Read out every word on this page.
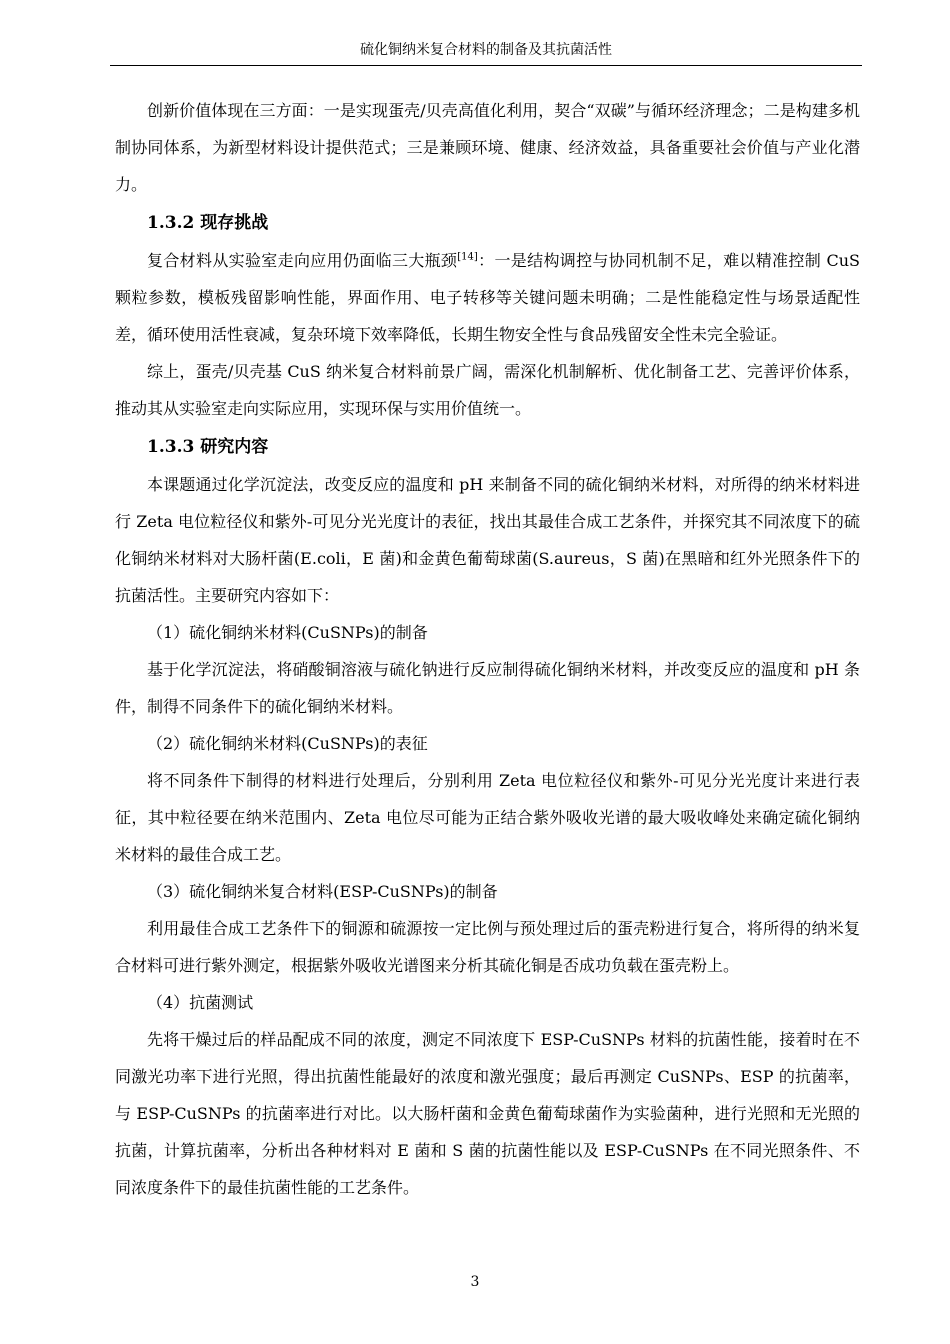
硫化铜纳米复合材料的制备及其抗菌活性

创新价值体现在三方面：一是实现蛋壳/贝壳高值化利用，契合“双碳”与循环经济理念；二是构建多机制协同体系，为新型材料设计提供范式；三是兼顾环境、健康、经济效益，具备重要社会价值与产业化潜力。

1.3.2 现存挑战

复合材料从实验室走向应用仍面临三大瓶颈[14]：一是结构调控与协同机制不足，难以精准控制 CuS 颗粒参数，模板残留影响性能，界面作用、电子转移等关键问题未明确；二是性能稳定性与场景适配性差，循环使用活性衰减，复杂环境下效率降低，长期生物安全性与食品残留安全性未完全验证。

综上，蛋壳/贝壳基 CuS 纳米复合材料前景广阔，需深化机制解析、优化制备工艺、完善评价体系，推动其从实验室走向实际应用，实现环保与实用价值统一。

1.3.3 研究内容

本课题通过化学沉淀法，改变反应的温度和 pH 来制备不同的硫化铜纳米材料，对所得的纳米材料进行 Zeta 电位粒径仪和紫外-可见分光光度计的表征，找出其最佳合成工艺条件，并探究其不同浓度下的硫化铜纳米材料对大肠杆菌(E.coli，E 菌)和金黄色葡萄球菌(S.aureus，S 菌)在黑暗和红外光照条件下的抗菌活性。主要研究内容如下：

（1）硫化铜纳米材料(CuSNPs)的制备

基于化学沉淀法，将硝酸铜溶液与硫化钠进行反应制得硫化铜纳米材料，并改变反应的温度和 pH 条件，制得不同条件下的硫化铜纳米材料。

（2）硫化铜纳米材料(CuSNPs)的表征

将不同条件下制得的材料进行处理后，分别利用 Zeta 电位粒径仪和紫外-可见分光光度计来进行表征，其中粒径要在纳米范围内、Zeta 电位尽可能为正结合紫外吸收光谱的最大吸收峰处来确定硫化铜纳米材料的最佳合成工艺。

（3）硫化铜纳米复合材料(ESP-CuSNPs)的制备

利用最佳合成工艺条件下的铜源和硫源按一定比例与预处理过后的蛋壳粉进行复合，将所得的纳米复合材料可进行紫外测定，根据紫外吸收光谱图来分析其硫化铜是否成功负载在蛋壳粉上。

（4）抗菌测试

先将干燥过后的样品配成不同的浓度，测定不同浓度下 ESP-CuSNPs 材料的抗菌性能，接着时在不同激光功率下进行光照，得出抗菌性能最好的浓度和激光强度；最后再测定 CuSNPs、ESP 的抗菌率，与 ESP-CuSNPs 的抗菌率进行对比。以大肠杆菌和金黄色葡萄球菌作为实验菌种，进行光照和无光照的抗菌，计算抗菌率，分析出各种材料对 E 菌和 S 菌的抗菌性能以及 ESP-CuSNPs 在不同光照条件、不同浓度条件下的最佳抗菌性能的工艺条件。

3
